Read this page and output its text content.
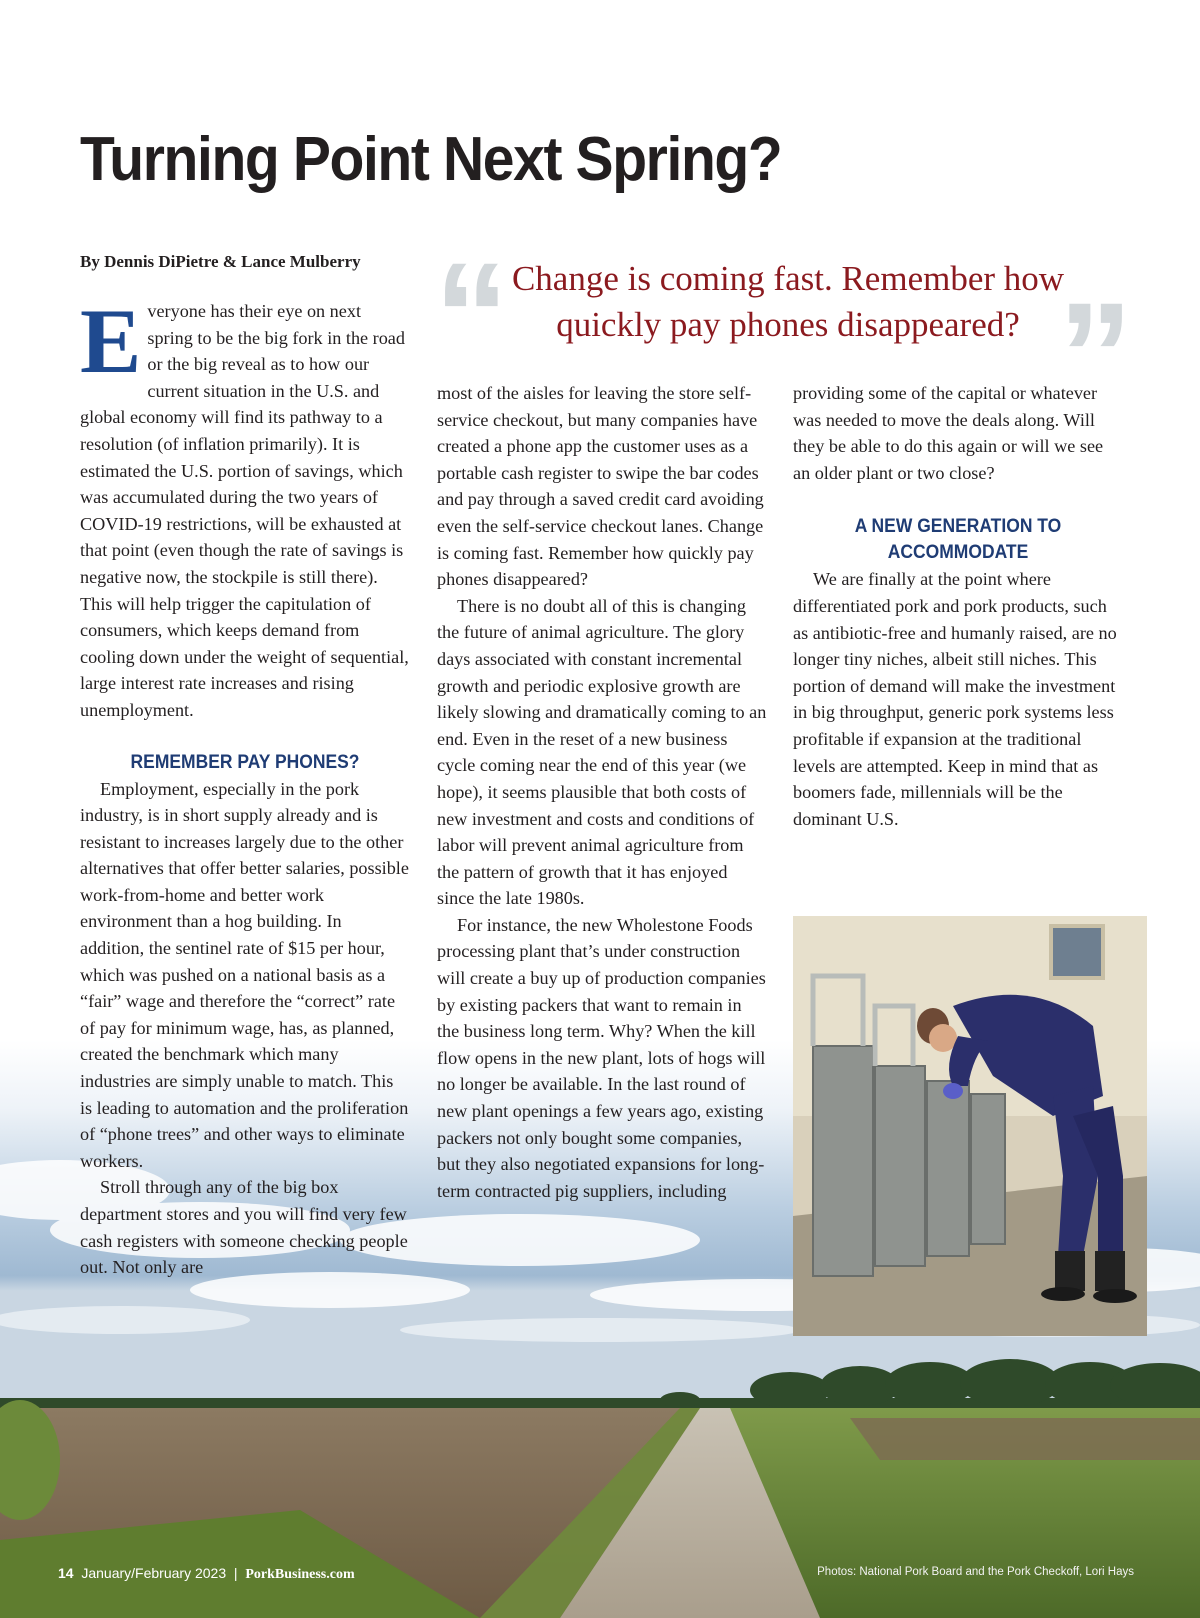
Turning Point Next Spring?
By Dennis DiPietre & Lance Mulberry “ Change is coming fast. Remember how quickly pay phones disappeared? ”

Everyone has their eye on next spring to be the big fork in the road or the big reveal as to how our current situation in the U.S. and global economy will find its pathway to a resolution (of inflation primarily). It is estimated the U.S. portion of savings, which was accumulated during the two years of COVID-19 restrictions, will be exhausted at that point (even though the rate of savings is negative now, the stockpile is still there). This will help trigger the capitulation of consumers, which keeps demand from cooling down under the weight of sequential, large interest rate increases and rising unemployment.

REMEMBER PAY PHONES?

Employment, especially in the pork industry, is in short supply already and is resistant to increases largely due to the other alternatives that offer better salaries, possible work-from-home and better work environment than a hog building. In addition, the sentinel rate of $15 per hour, which was pushed on a national basis as a “fair” wage and therefore the “correct” rate of pay for minimum wage, has, as planned, created the benchmark which many industries are simply unable to match. This is leading to automation and the proliferation of “phone trees” and other ways to eliminate workers.

Stroll through any of the big box department stores and you will find very few cash registers with someone checking people out. Not only are

most of the aisles for leaving the store self-service checkout, but many companies have created a phone app the customer uses as a portable cash register to swipe the bar codes and pay through a saved credit card avoiding even the self-service checkout lanes. Change is coming fast. Remember how quickly pay phones disappeared?

There is no doubt all of this is changing the future of animal agriculture. The glory days associated with constant incremental growth and periodic explosive growth are likely slowing and dramatically coming to an end. Even in the reset of a new business cycle coming near the end of this year (we hope), it seems plausible that both costs of new investment and costs and conditions of labor will prevent animal agriculture from the pattern of growth that it has enjoyed since the late 1980s.

For instance, the new Wholestone Foods processing plant that’s under construction will create a buy up of production companies by existing packers that want to remain in the business long term. Why? When the kill flow opens in the new plant, lots of hogs will no longer be available. In the last round of new plant openings a few years ago, existing packers not only bought some companies, but they also negotiated expansions for long-term contracted pig suppliers, including

providing some of the capital or whatever was needed to move the deals along. Will they be able to do this again or will we see an older plant or two close?

A NEW GENERATION TO ACCOMMODATE

We are finally at the point where differentiated pork and pork products, such as antibiotic-free and humanly raised, are no longer tiny niches, albeit still niches. This portion of demand will make the investment in big throughput, generic pork systems less profitable if expansion at the traditional levels are attempted. Keep in mind that as boomers fade, millennials will be the dominant U.S.

14 January/February 2023 | PorkBusiness.com	Photos: National Pork Board and the Pork Checkoff, Lori Hays
